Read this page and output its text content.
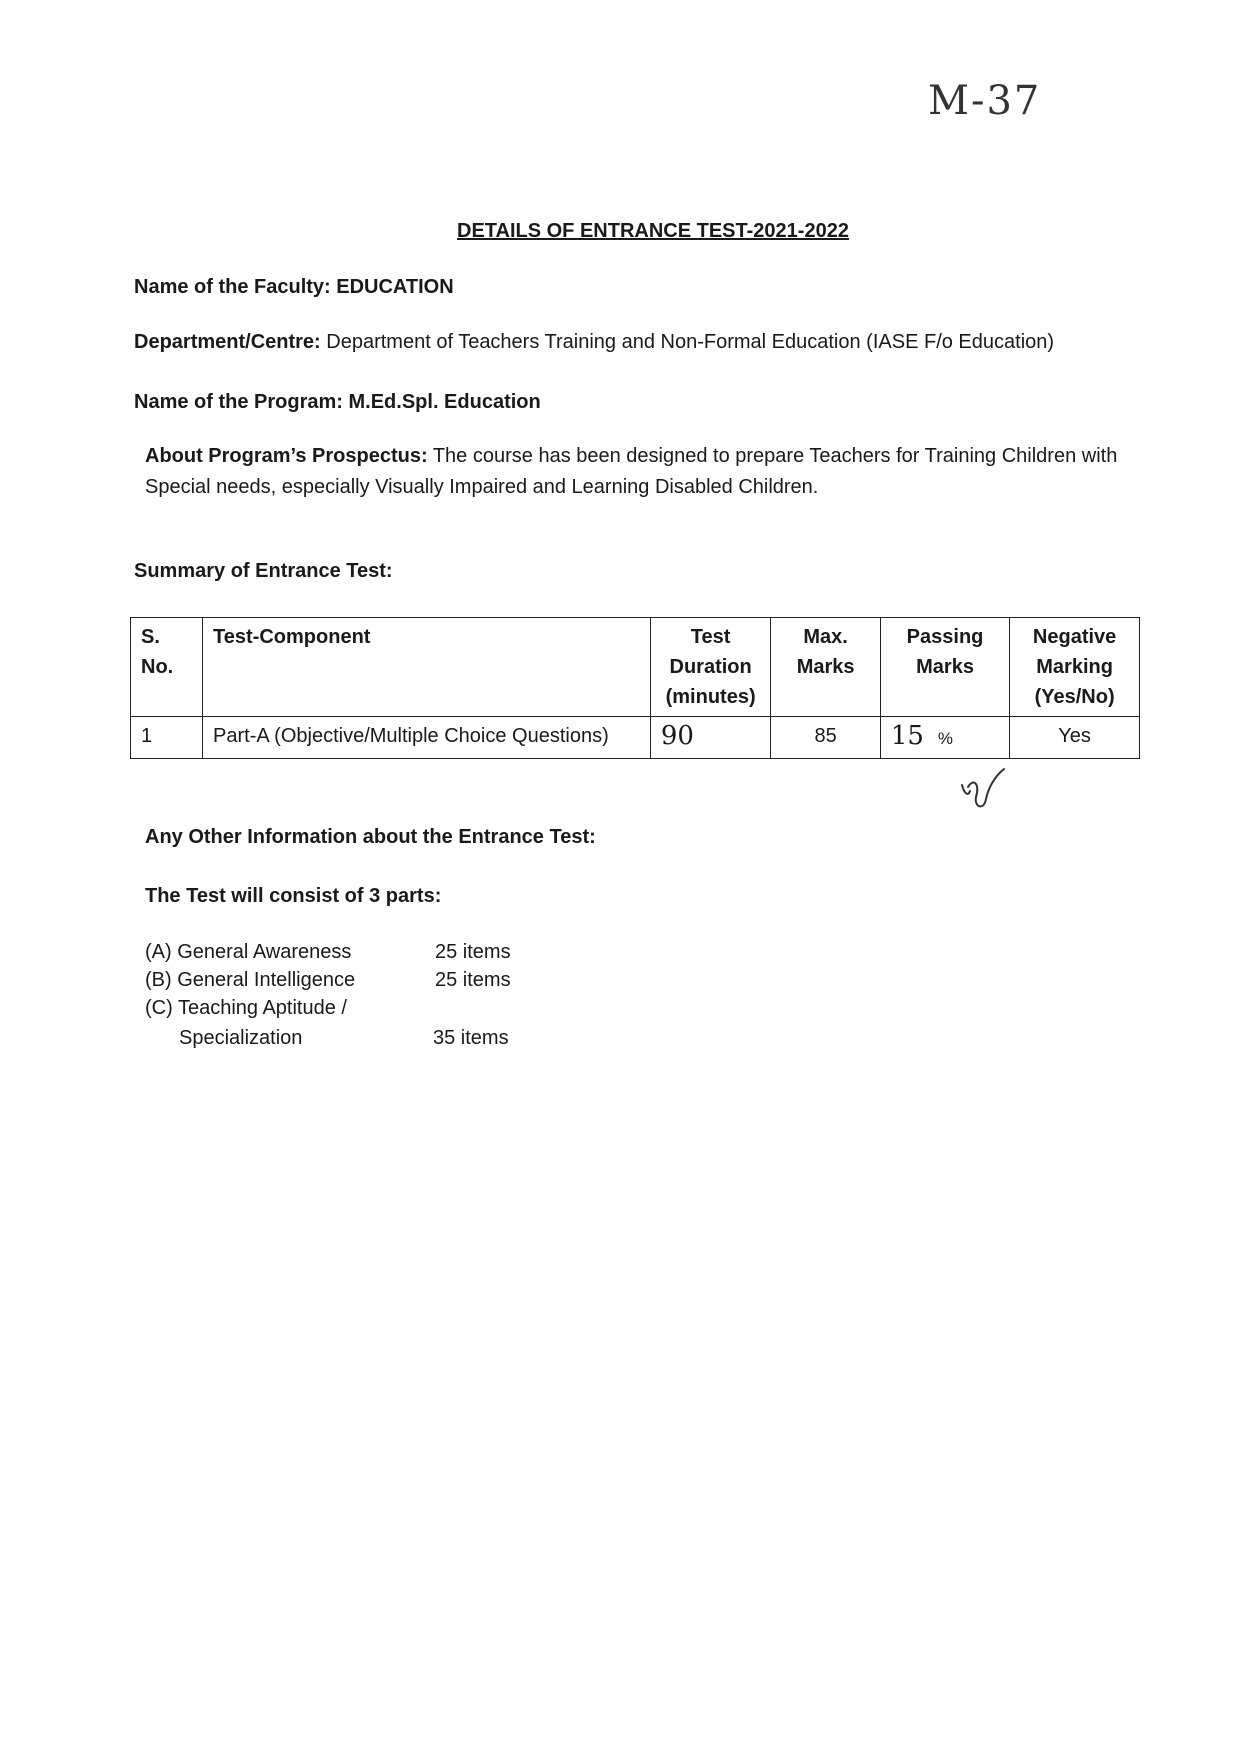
M-37
DETAILS OF ENTRANCE TEST-2021-2022
Name of the Faculty: EDUCATION
Department/Centre: Department of Teachers Training and Non-Formal Education (IASE F/o Education)
Name of the Program: M.Ed.Spl. Education
About Program’s Prospectus: The course has been designed to prepare Teachers for Training Children with Special needs, especially Visually Impaired and Learning Disabled Children.
Summary of Entrance Test:
S. No.	Test-Component	Test Duration (minutes)	Max. Marks	Passing Marks	Negative Marking (Yes/No)
1	Part-A (Objective/Multiple Choice Questions)	90	85	15 %	Yes
Any Other Information about the Entrance Test:
The Test will consist of 3 parts:
(A) General Awareness	25 items
(B) General Intelligence	25 items
(C) Teaching Aptitude /
Specialization	35 items
